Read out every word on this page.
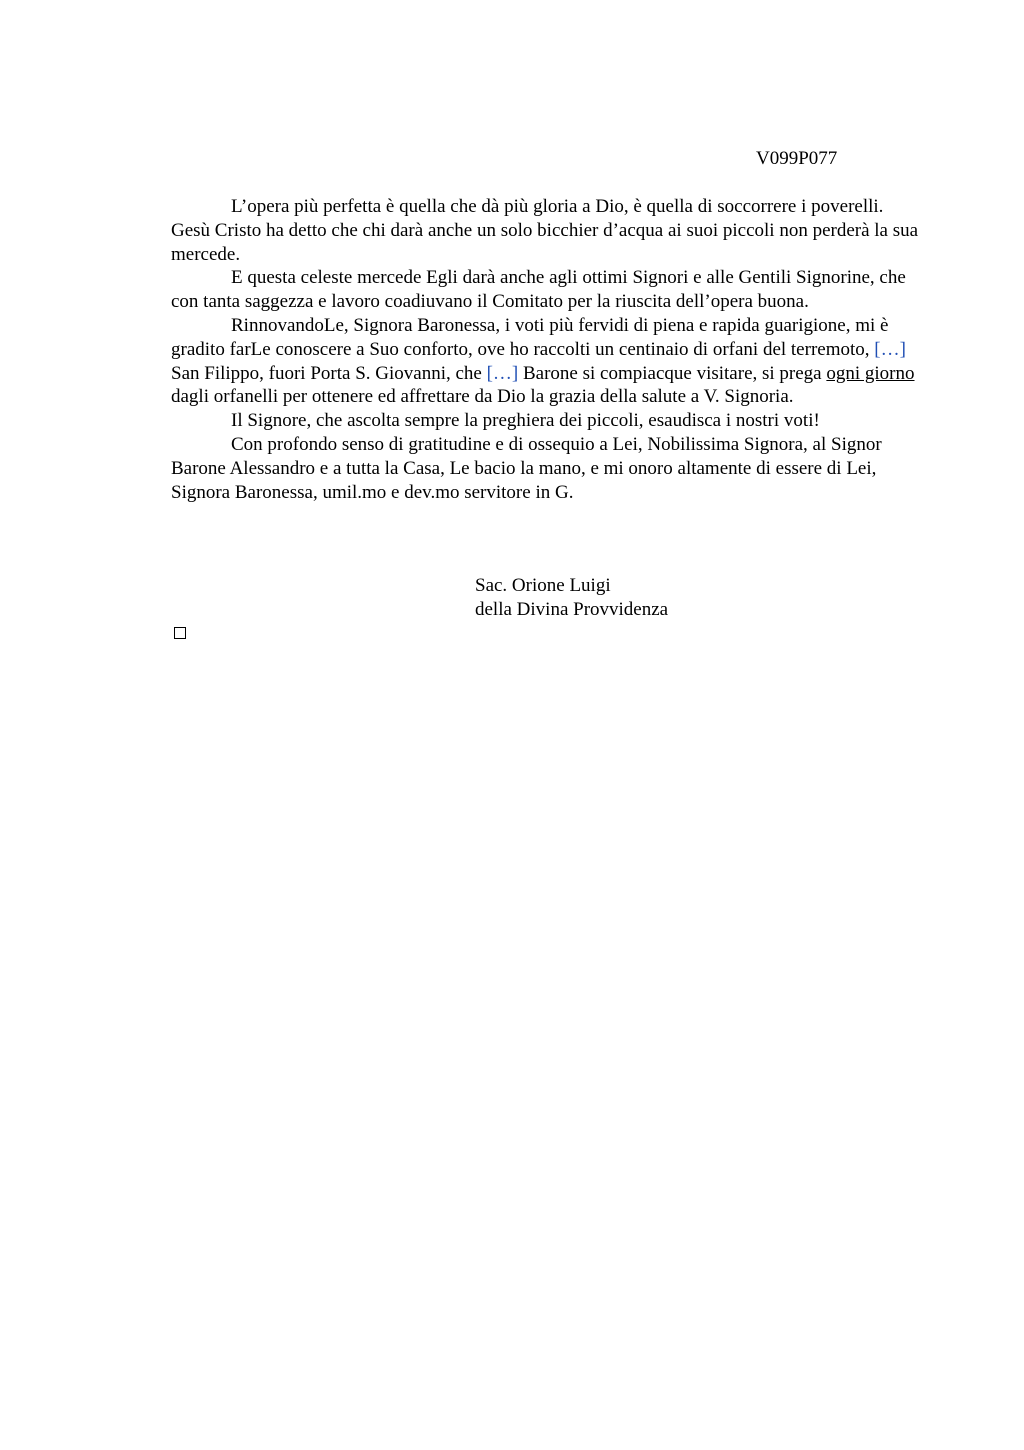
V099P077

L’opera più perfetta è quella che dà più gloria a Dio, è quella di soccorrere i poverelli. Gesù Cristo ha detto che chi darà anche un solo bicchier d’acqua ai suoi piccoli non perderà la sua mercede.

E questa celeste mercede Egli darà anche agli ottimi Signori e alle Gentili Signorine, che con tanta saggezza e lavoro coadiuvano il Comitato per la riuscita dell’opera buona.

RinnovandoLe, Signora Baronessa, i voti più fervidi di piena e rapida guarigione, mi è gradito farLe conoscere a Suo conforto, ove ho raccolti un centinaio di orfani del terremoto, […] San Filippo, fuori Porta S. Giovanni, che […] Barone si compiacque visitare, si prega ogni giorno dagli orfanelli per ottenere ed affrettare da Dio la grazia della salute a V. Signoria.

Il Signore, che ascolta sempre la preghiera dei piccoli, esaudisca i nostri voti!

Con profondo senso di gratitudine e di ossequio a Lei, Nobilissima Signora, al Signor Barone Alessandro e a tutta la Casa, Le bacio la mano, e mi onoro altamente di essere di Lei, Signora Baronessa, umil.mo e dev.mo servitore in G.

Sac. Orione Luigi
della Divina Provvidenza
